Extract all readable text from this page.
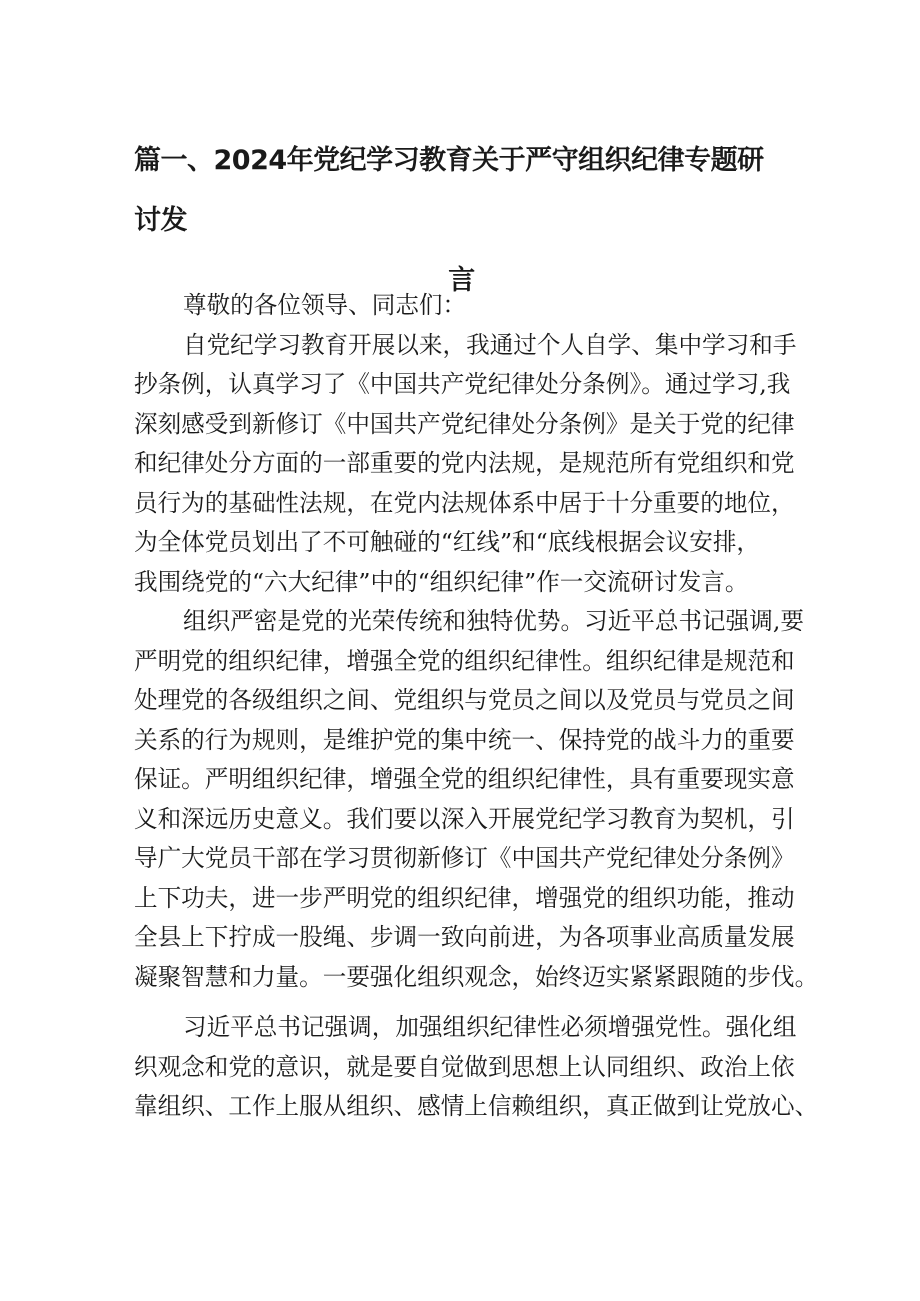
篇一、2024年党纪学习教育关于严守组织纪律专题研讨发
言
尊敬的各位领导、同志们：
自党纪学习教育开展以来，我通过个人自学、集中学习和手
抄条例，认真学习了《中国共产党纪律处分条例》。通过学习,我
深刻感受到新修订《中国共产党纪律处分条例》是关于党的纪律
和纪律处分方面的一部重要的党内法规，是规范所有党组织和党
员行为的基础性法规，在党内法规体系中居于十分重要的地位，
为全体党员划出了不可触碰的“红线”和“底线根据会议安排，
我围绕党的“六大纪律”中的“组织纪律”作一交流研讨发言。
组织严密是党的光荣传统和独特优势。习近平总书记强调,要
严明党的组织纪律，增强全党的组织纪律性。组织纪律是规范和
处理党的各级组织之间、党组织与党员之间以及党员与党员之间
关系的行为规则，是维护党的集中统一、保持党的战斗力的重要
保证。严明组织纪律，增强全党的组织纪律性，具有重要现实意
义和深远历史意义。我们要以深入开展党纪学习教育为契机，引
导广大党员干部在学习贯彻新修订《中国共产党纪律处分条例》
上下功夫，进一步严明党的组织纪律，增强党的组织功能，推动
全县上下拧成一股绳、步调一致向前进，为各项事业高质量发展
凝聚智慧和力量。一要强化组织观念，始终迈实紧紧跟随的步伐。
习近平总书记强调，加强组织纪律性必须增强党性。强化组
织观念和党的意识，就是要自觉做到思想上认同组织、政治上依
靠组织、工作上服从组织、感情上信赖组织，真正做到让党放心、
